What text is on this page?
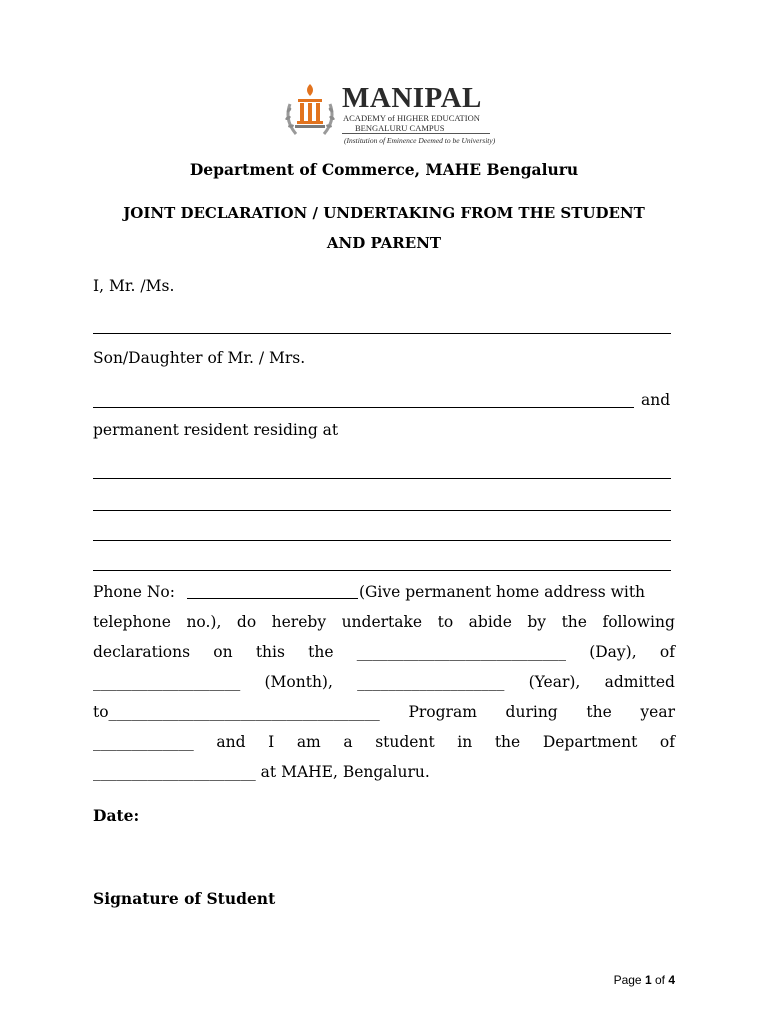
MANIPAL
ACADEMY of HIGHER EDUCATION
BENGALURU CAMPUS
(Institution of Eminence Deemed to be University)
Department of Commerce, MAHE Bengaluru
JOINT DECLARATION / UNDERTAKING FROM THE STUDENT
AND PARENT
I, Mr. /Ms.
Son/Daughter of Mr. / Mrs.
and
permanent resident residing at
Phone No:	(Give permanent home address with
telephone no.), do hereby undertake to abide by the following
declarations on this the ___________________________ (Day), of
___________________ (Month), ___________________ (Year), admitted
to___________________________________ Program during the year
_____________ and I am a student in the Department of
_____________________ at MAHE, Bengaluru.
Date:
Signature of Student
Page 1 of 4
